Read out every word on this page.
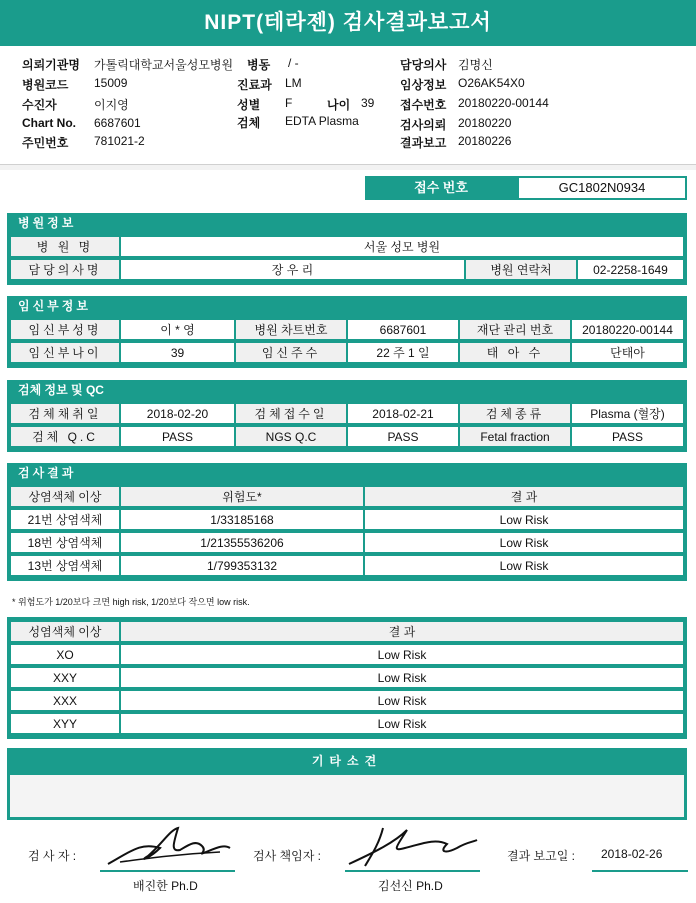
NIPT(테라젠) 검사결과보고서
의뢰기관명 가톨릭대학교서울성모병원 병동 / -	담당의사 김명신
병원코드 15009	진료과 LM	임상정보 O26AK54X0
수진자	이지영	성별 F	나이 39 접수번호 20180220-00144
Chart No. 6687601	검체 EDTA Plasma	검사의뢰 20180220
주민번호 781021-2	결과보고 20180226
접수 번호	GC1802N0934
병원정보
병 원 명	서울 성모 병원		
담당의사명	장 우 리	병원 연락처	02-2258-1649
임신부정보
임신부성명	이 * 영	병원 차트번호	6687601	재단 관리 번호	20180220-00144
임신부나이	39	임신주수	22 주 1 일	태 아 수	단태아
검체 정보 및 QC
검체채취일	2018-02-20	검체접수일	2018-02-21	검체종류	Plasma (혈장)
검체 Q.C	PASS	NGS Q.C	PASS	Fetal fraction	PASS
검사결과
상염색체 이상	위험도*	결 과
21번 상염색체	1/33185168	Low Risk
18번 상염색체	1/21355536206	Low Risk
13번 상염색체	1/799353132	Low Risk
* 위험도가 1/20보다 크면 high risk, 1/20보다 작으면 low risk.
성염색체 이상	결 과
XO	Low Risk
XXY	Low Risk
XXX	Low Risk
XYY	Low Risk
기타소견
검 사 자 :
배진한 Ph.D
검사 책임자 :
김선신 Ph.D
결과 보고일 : 2018-02-26
